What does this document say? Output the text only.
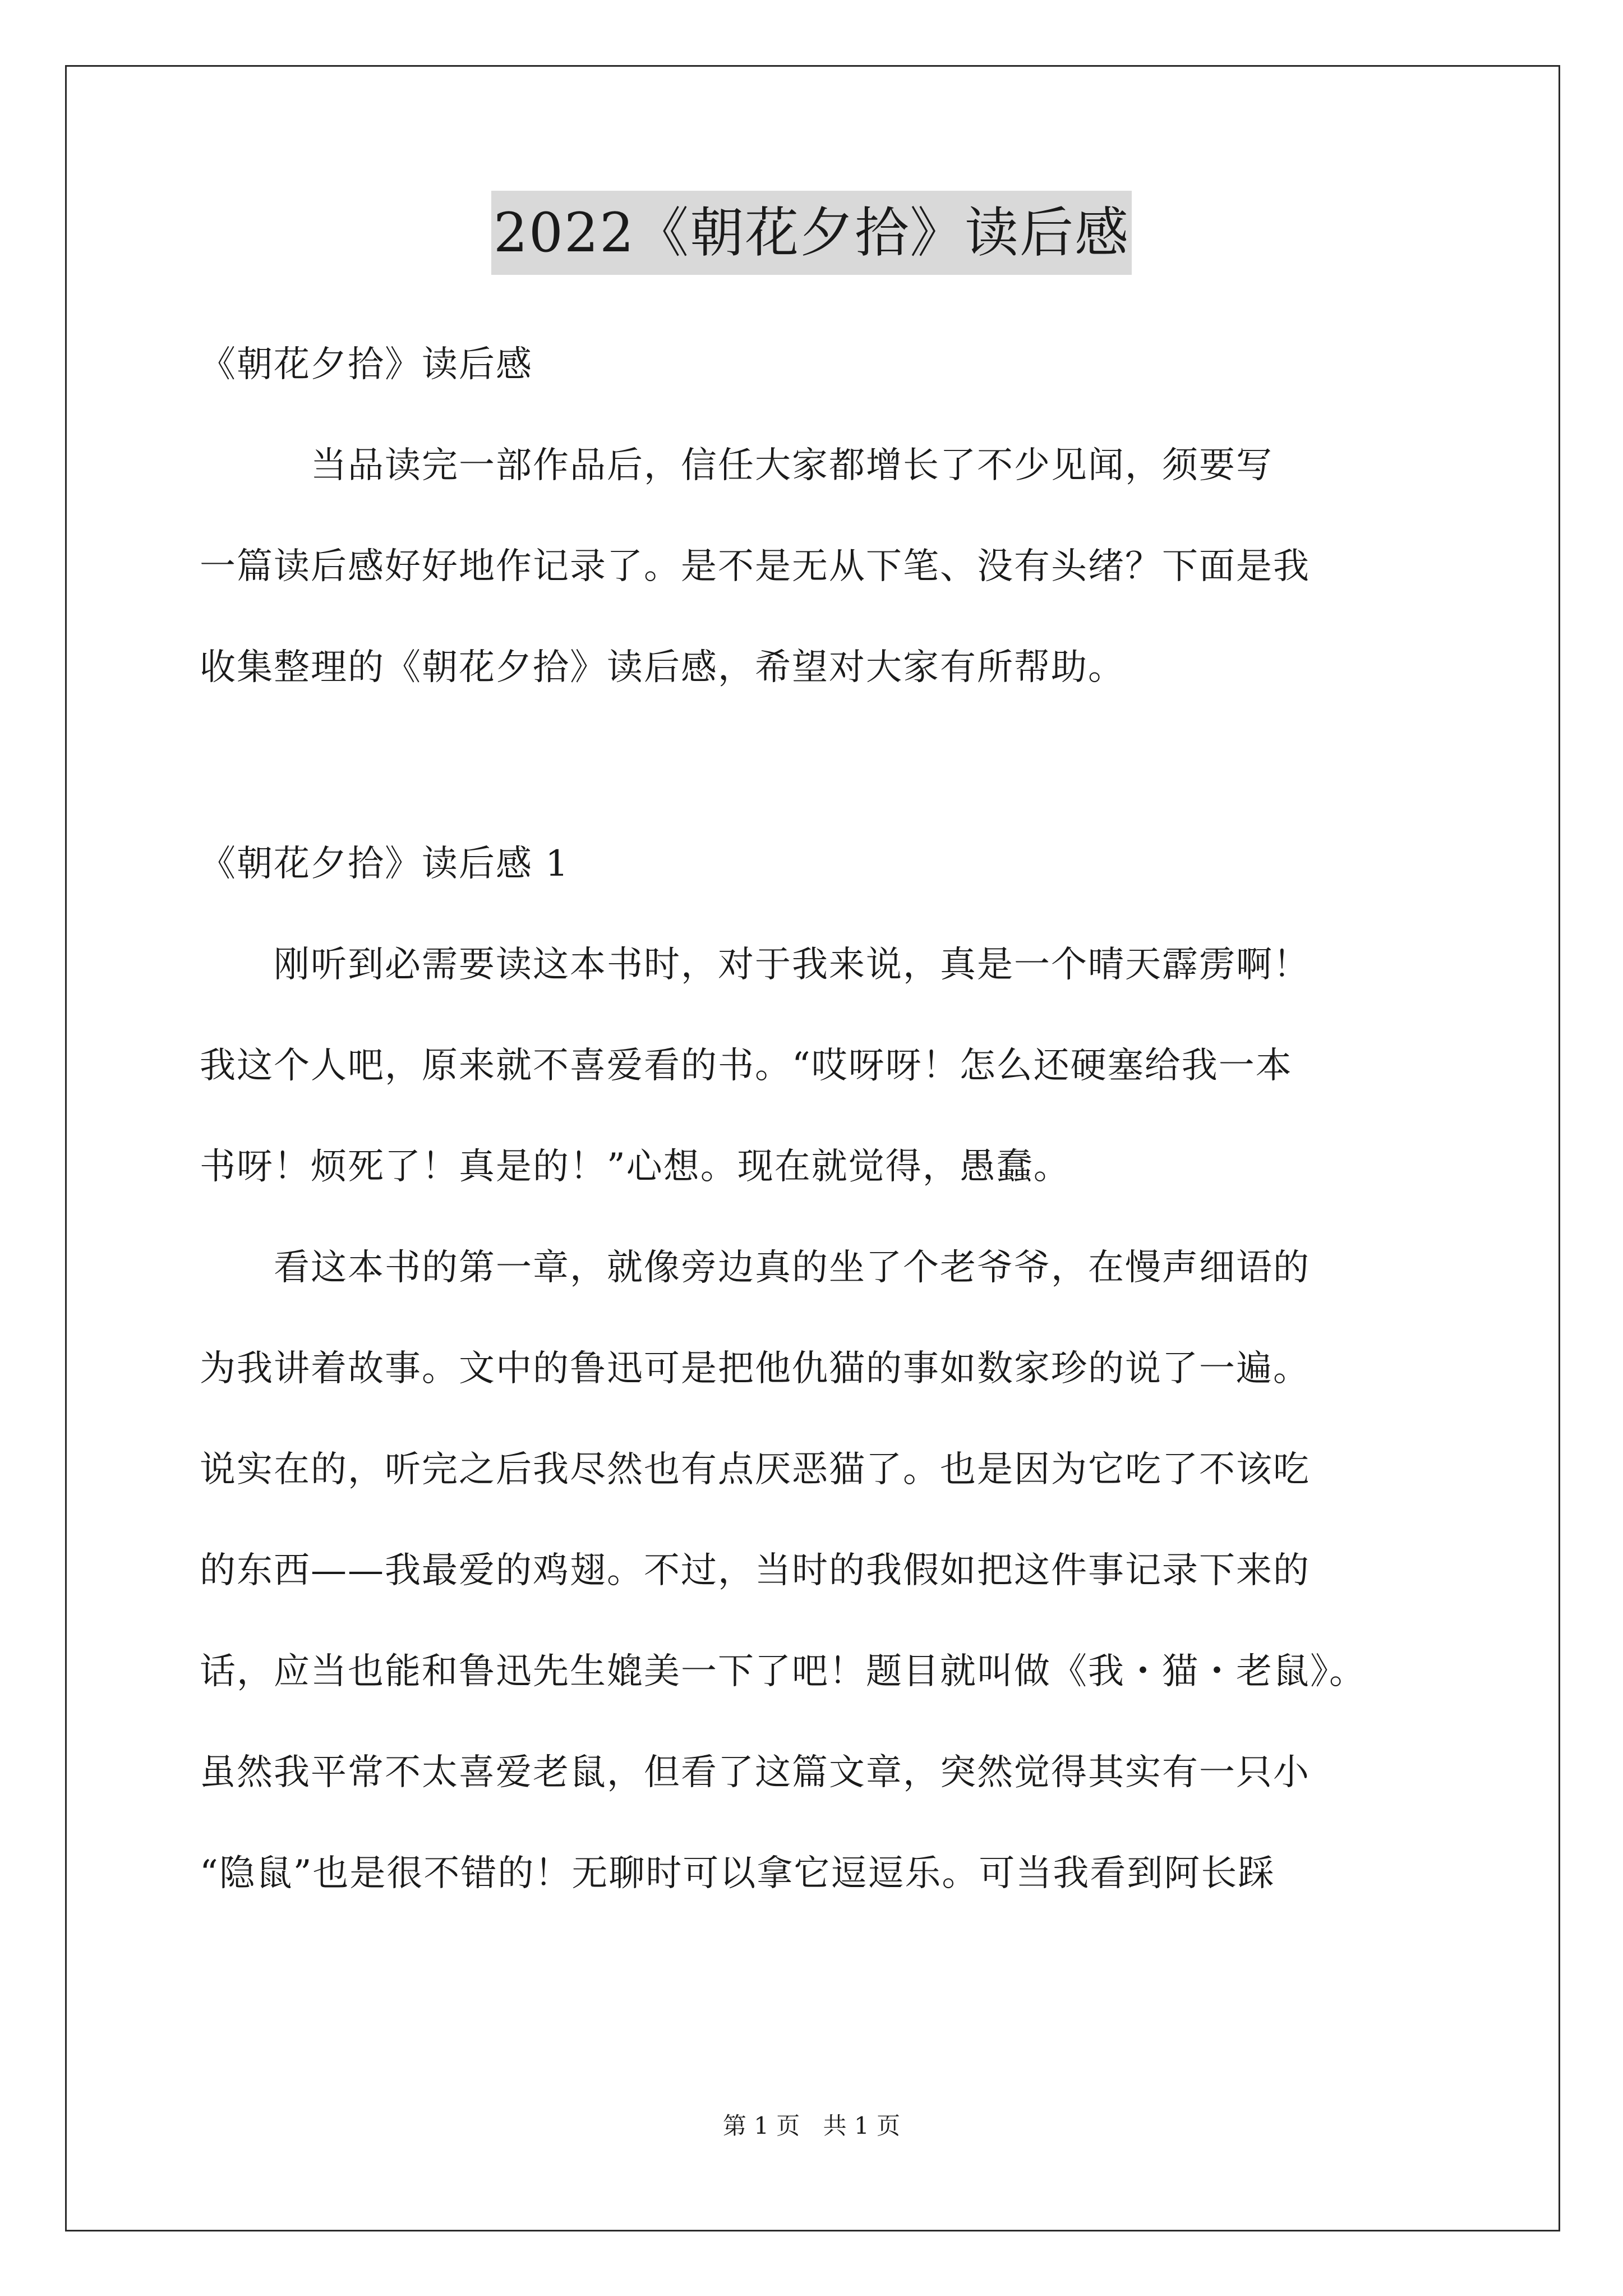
2022《朝花夕拾》读后感
《朝花夕拾》读后感
　　　当品读完一部作品后，信任大家都增长了不少见闻，须要写
一篇读后感好好地作记录了。是不是无从下笔、没有头绪？下面是我
收集整理的《朝花夕拾》读后感，希望对大家有所帮助。
《朝花夕拾》读后感 1
　　刚听到必需要读这本书时，对于我来说，真是一个晴天霹雳啊！
我这个人吧，原来就不喜爱看的书。“哎呀呀！怎么还硬塞给我一本
书呀！烦死了！真是的！”心想。现在就觉得，愚蠢。
　　看这本书的第一章，就像旁边真的坐了个老爷爷，在慢声细语的
为我讲着故事。文中的鲁迅可是把他仇猫的事如数家珍的说了一遍。
说实在的，听完之后我尽然也有点厌恶猫了。也是因为它吃了不该吃
的东西——我最爱的鸡翅。不过，当时的我假如把这件事记录下来的
话，应当也能和鲁迅先生媲美一下了吧！题目就叫做《我・猫・老鼠》。
虽然我平常不太喜爱老鼠，但看了这篇文章，突然觉得其实有一只小
“隐鼠”也是很不错的！无聊时可以拿它逗逗乐。可当我看到阿长踩
第 1 页 共 1 页
